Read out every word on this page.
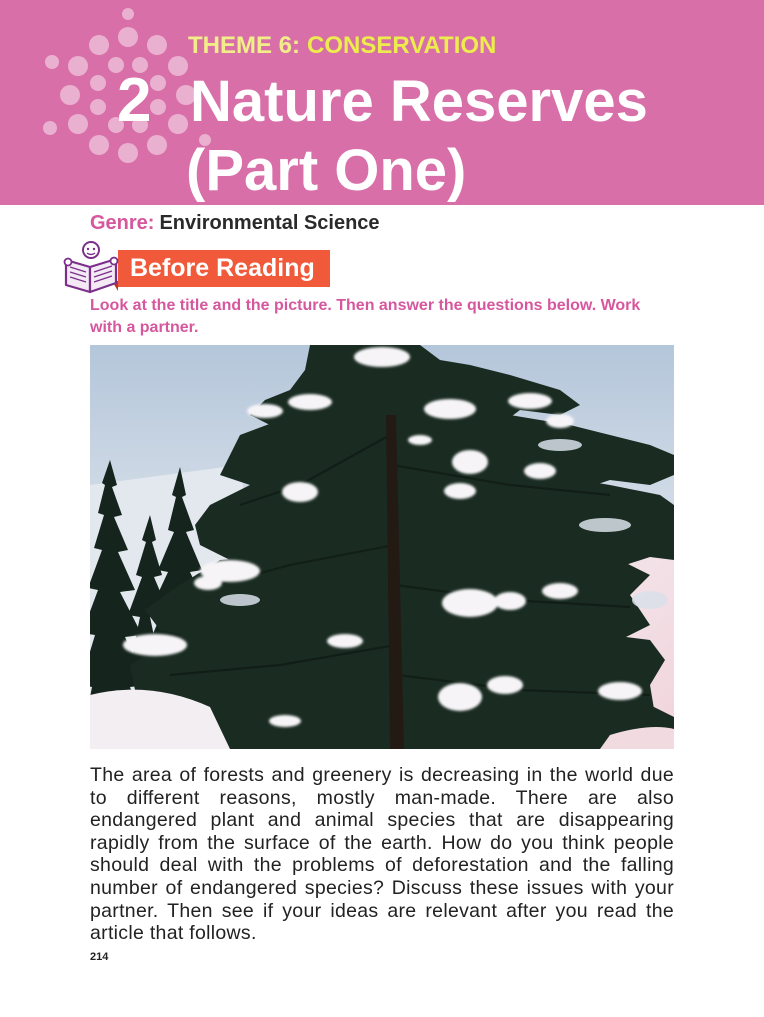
THEME 6: CONSERVATION
2 Nature Reserves
(Part One)
Genre: Environmental Science
Before Reading
Look at the title and the picture. Then answer the questions below. Work with a partner.
The area of forests and greenery is decreasing in the world due
to different reasons, mostly man-made. There are also
endangered plant and animal species that are disappearing
rapidly from the surface of the earth. How do you think people
should deal with the problems of deforestation and the falling
number of endangered species? Discuss these issues with your
partner. Then see if your ideas are relevant after you read the
article that follows.
214
